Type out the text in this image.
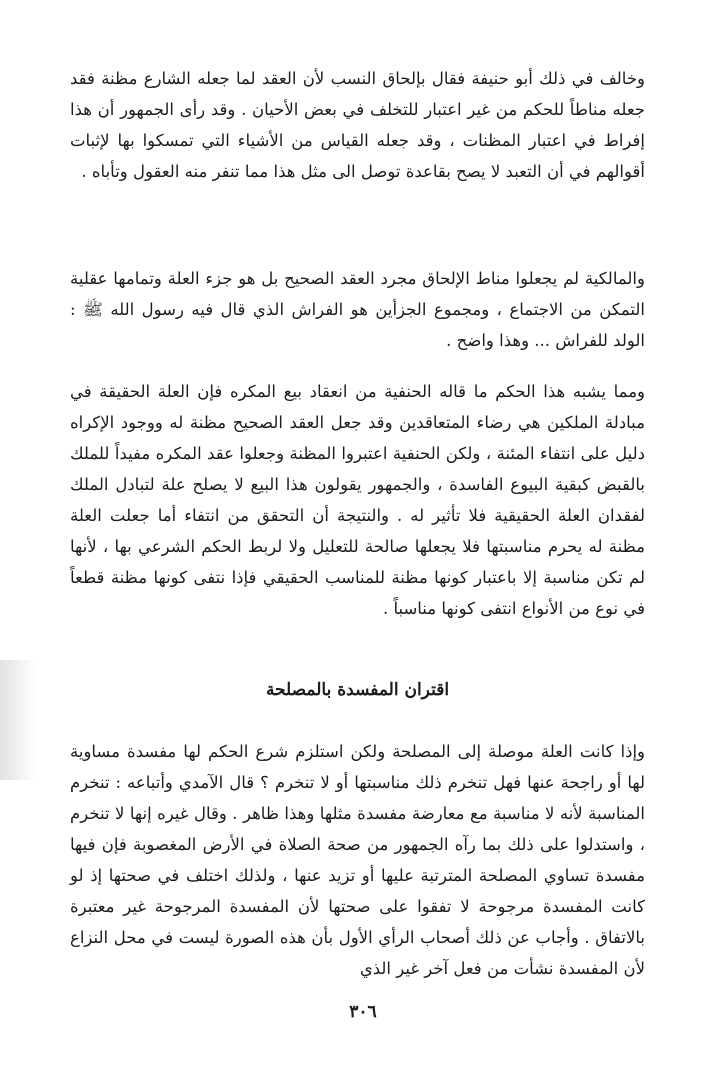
وخالف في ذلك أبو حنيفة فقال بإلحاق النسب لأن العقد لما جعله الشارع مظنة فقد جعله مناطاً للحكم من غير اعتبار للتخلف في بعض الأحيان . وقد رأى الجمهور أن هذا إفراط في اعتبار المظنات ، وقد جعله القياس من الأشياء التي تمسكوا بها لإثبات أقوالهم في أن التعبد لا يصح بقاعدة توصل الى مثل هذا مما تنفر منه العقول وتأباه .

والمالكية لم يجعلوا مناط الإلحاق مجرد العقد الصحيح بل هو جزء العلة وتمامها عقلية التمكن من الاجتماع ، ومجموع الجزأين هو الفراش الذي قال فيه رسول الله ﷺ : الولد للفراش ... وهذا واضح .

ومما يشبه هذا الحكم ما قاله الحنفية من انعقاد بيع المكره فإن العلة الحقيقة في مبادلة الملكين هي رضاء المتعاقدين وقد جعل العقد الصحيح مظنة له ووجود الإكراه دليل على انتفاء المئنة ، ولكن الحنفية اعتبروا المظنة وجعلوا عقد المكره مفيداً للملك بالقبض كبقية البيوع الفاسدة ، والجمهور يقولون هذا البيع لا يصلح علة لتبادل الملك لفقدان العلة الحقيقية فلا تأثير له . والنتيجة أن التحقق من انتفاء أما جعلت العلة مظنة له يحرم مناسبتها فلا يجعلها صالحة للتعليل ولا لربط الحكم الشرعي بها ، لأنها لم تكن مناسبة إلا باعتبار كونها مظنة للمناسب الحقيقي فإذا نتفى كونها مظنة قطعاً في نوع من الأنواع انتفى كونها مناسباً .

اقتران المفسدة بالمصلحة

وإذا كانت العلة موصلة إلى المصلحة ولكن استلزم شرع الحكم لها مفسدة مساوية لها أو راجحة عنها فهل تنخرم ذلك مناسبتها أو لا تنخرم ؟ قال الآمدي وأتباعه : تنخرم المناسبة لأنه لا مناسبة مع معارضة مفسدة مثلها وهذا ظاهر . وقال غيره إنها لا تنخرم ، واستدلوا على ذلك بما رآه الجمهور من صحة الصلاة في الأرض المغصوبة فإن فيها مفسدة تساوي المصلحة المترتبة عليها أو تزيد عنها ، ولذلك اختلف في صحتها إذ لو كانت المفسدة مرجوحة لا تفقوا على صحتها لأن المفسدة المرجوحة غير معتبرة بالاتفاق . وأجاب عن ذلك أصحاب الرأي الأول بأن هذه الصورة ليست في محل النزاع لأن المفسدة نشأت من فعل آخر غير الذي

٣٠٦
